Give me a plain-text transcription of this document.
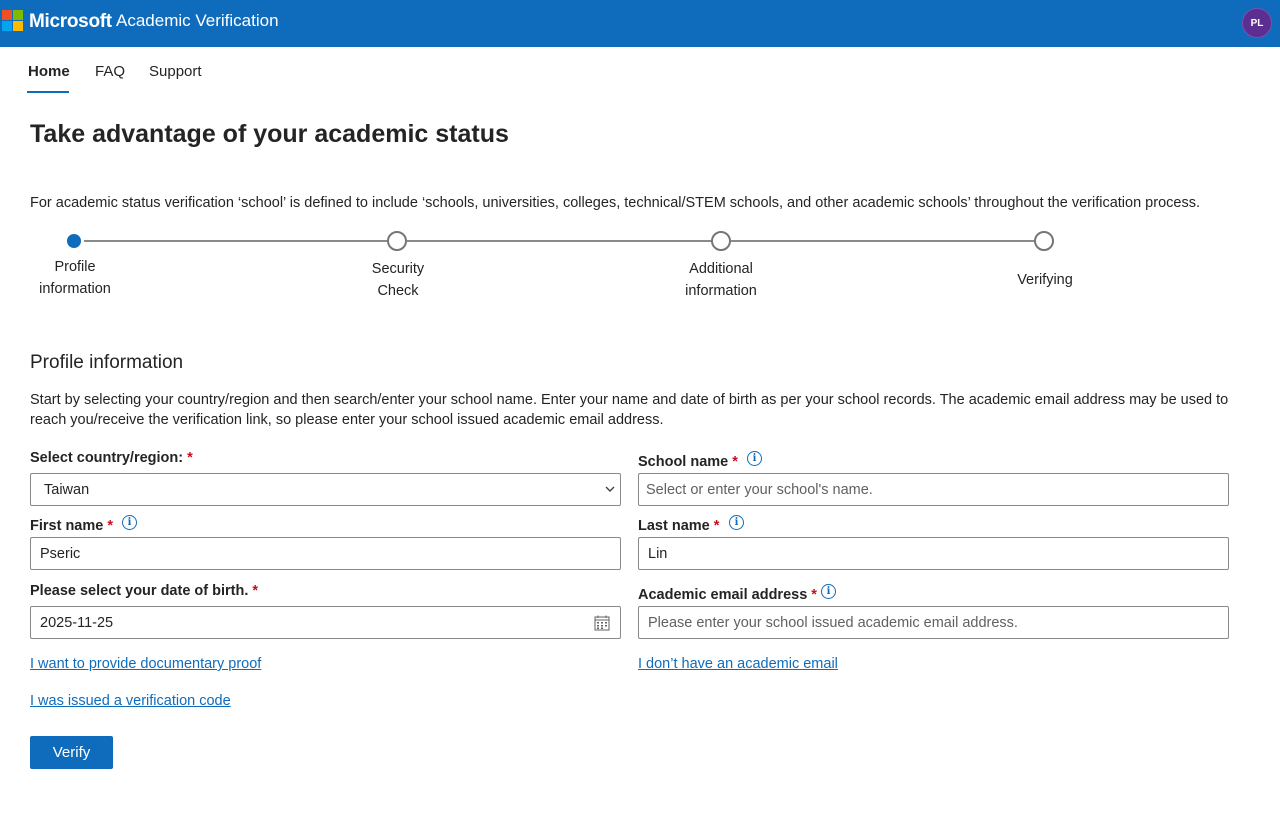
Microsoft Academic Verification	PL
Home FAQ Support
Take advantage of your academic status

For academic status verification ‘school’ is defined to include ‘schools, universities, colleges, technical/STEM schools, and other academic schools’ throughout the verification process.

Profile
information
Security
Check
Additional
information
Verifying
Profile information

Start by selecting your country/region and then search/enter your school name. Enter your name and date of birth as per your school records. The academic email address may be used to reach you/receive the verification link, so please enter your school issued academic email address.

Select country/region: *
Taiwan
School name *	i
Select or enter your school's name.
First name *	i
Pseric
Last name *	i
Lin
Please select your date of birth. *
2025-11-25
Academic email address * i
Please enter your school issued academic email address.
I want to provide documentary proof	I don’t have an academic email
I was issued a verification code
Verify
